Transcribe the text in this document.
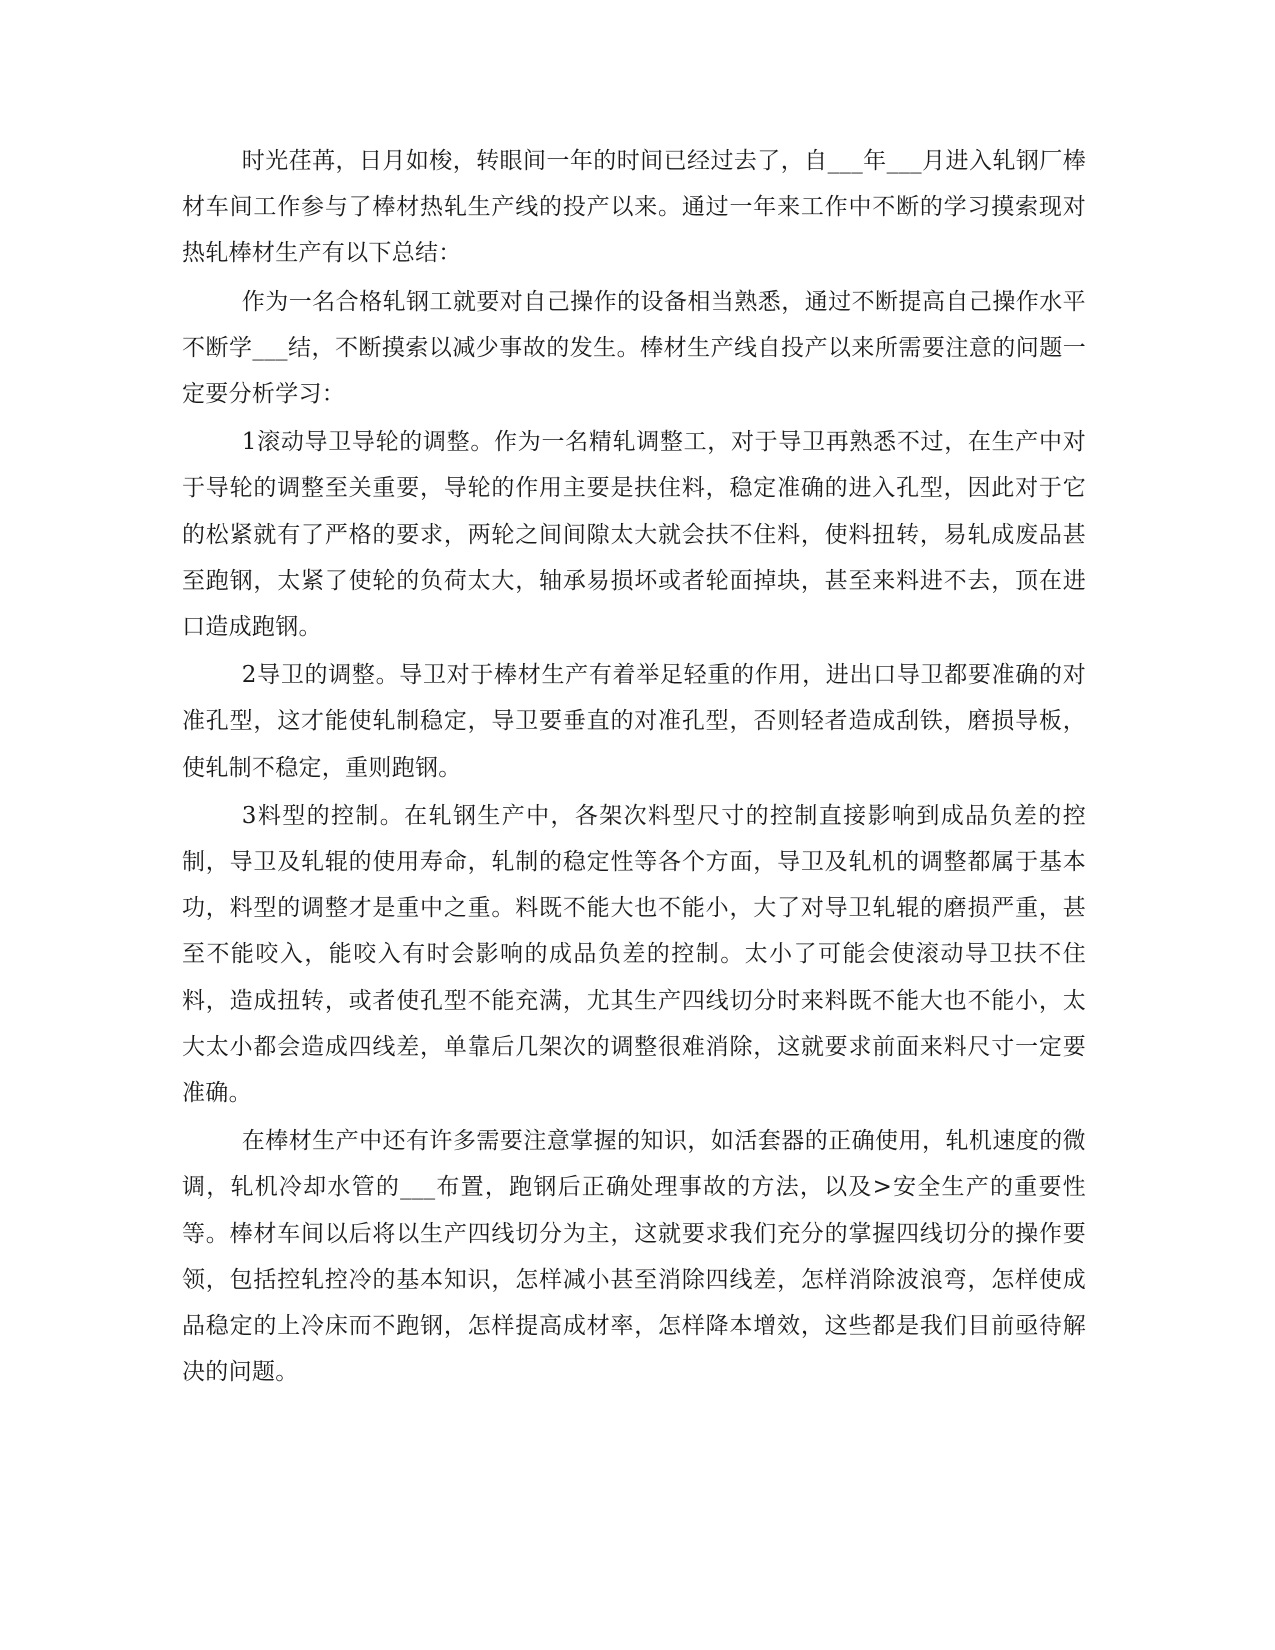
时光荏苒，日月如梭，转眼间一年的时间已经过去了，自___年___月进入轧钢厂棒材车间工作参与了棒材热轧生产线的投产以来。通过一年来工作中不断的学习摸索现对热轧棒材生产有以下总结：

作为一名合格轧钢工就要对自己操作的设备相当熟悉，通过不断提高自己操作水平不断学___结，不断摸索以减少事故的发生。棒材生产线自投产以来所需要注意的问题一定要分析学习：

1滚动导卫导轮的调整。作为一名精轧调整工，对于导卫再熟悉不过，在生产中对于导轮的调整至关重要，导轮的作用主要是扶住料，稳定准确的进入孔型，因此对于它的松紧就有了严格的要求，两轮之间间隙太大就会扶不住料，使料扭转，易轧成废品甚至跑钢，太紧了使轮的负荷太大，轴承易损坏或者轮面掉块，甚至来料进不去，顶在进口造成跑钢。

2导卫的调整。导卫对于棒材生产有着举足轻重的作用，进出口导卫都要准确的对准孔型，这才能使轧制稳定，导卫要垂直的对准孔型，否则轻者造成刮铁，磨损导板，使轧制不稳定，重则跑钢。

3料型的控制。在轧钢生产中，各架次料型尺寸的控制直接影响到成品负差的控制，导卫及轧辊的使用寿命，轧制的稳定性等各个方面，导卫及轧机的调整都属于基本功，料型的调整才是重中之重。料既不能大也不能小，大了对导卫轧辊的磨损严重，甚至不能咬入，能咬入有时会影响的成品负差的控制。太小了可能会使滚动导卫扶不住料，造成扭转，或者使孔型不能充满，尤其生产四线切分时来料既不能大也不能小，太大太小都会造成四线差，单靠后几架次的调整很难消除，这就要求前面来料尺寸一定要准确。

在棒材生产中还有许多需要注意掌握的知识，如活套器的正确使用，轧机速度的微调，轧机冷却水管的___布置，跑钢后正确处理事故的方法，以及>安全生产的重要性等。棒材车间以后将以生产四线切分为主，这就要求我们充分的掌握四线切分的操作要领，包括控轧控冷的基本知识，怎样减小甚至消除四线差，怎样消除波浪弯，怎样使成品稳定的上冷床而不跑钢，怎样提高成材率，怎样降本增效，这些都是我们目前亟待解决的问题。
